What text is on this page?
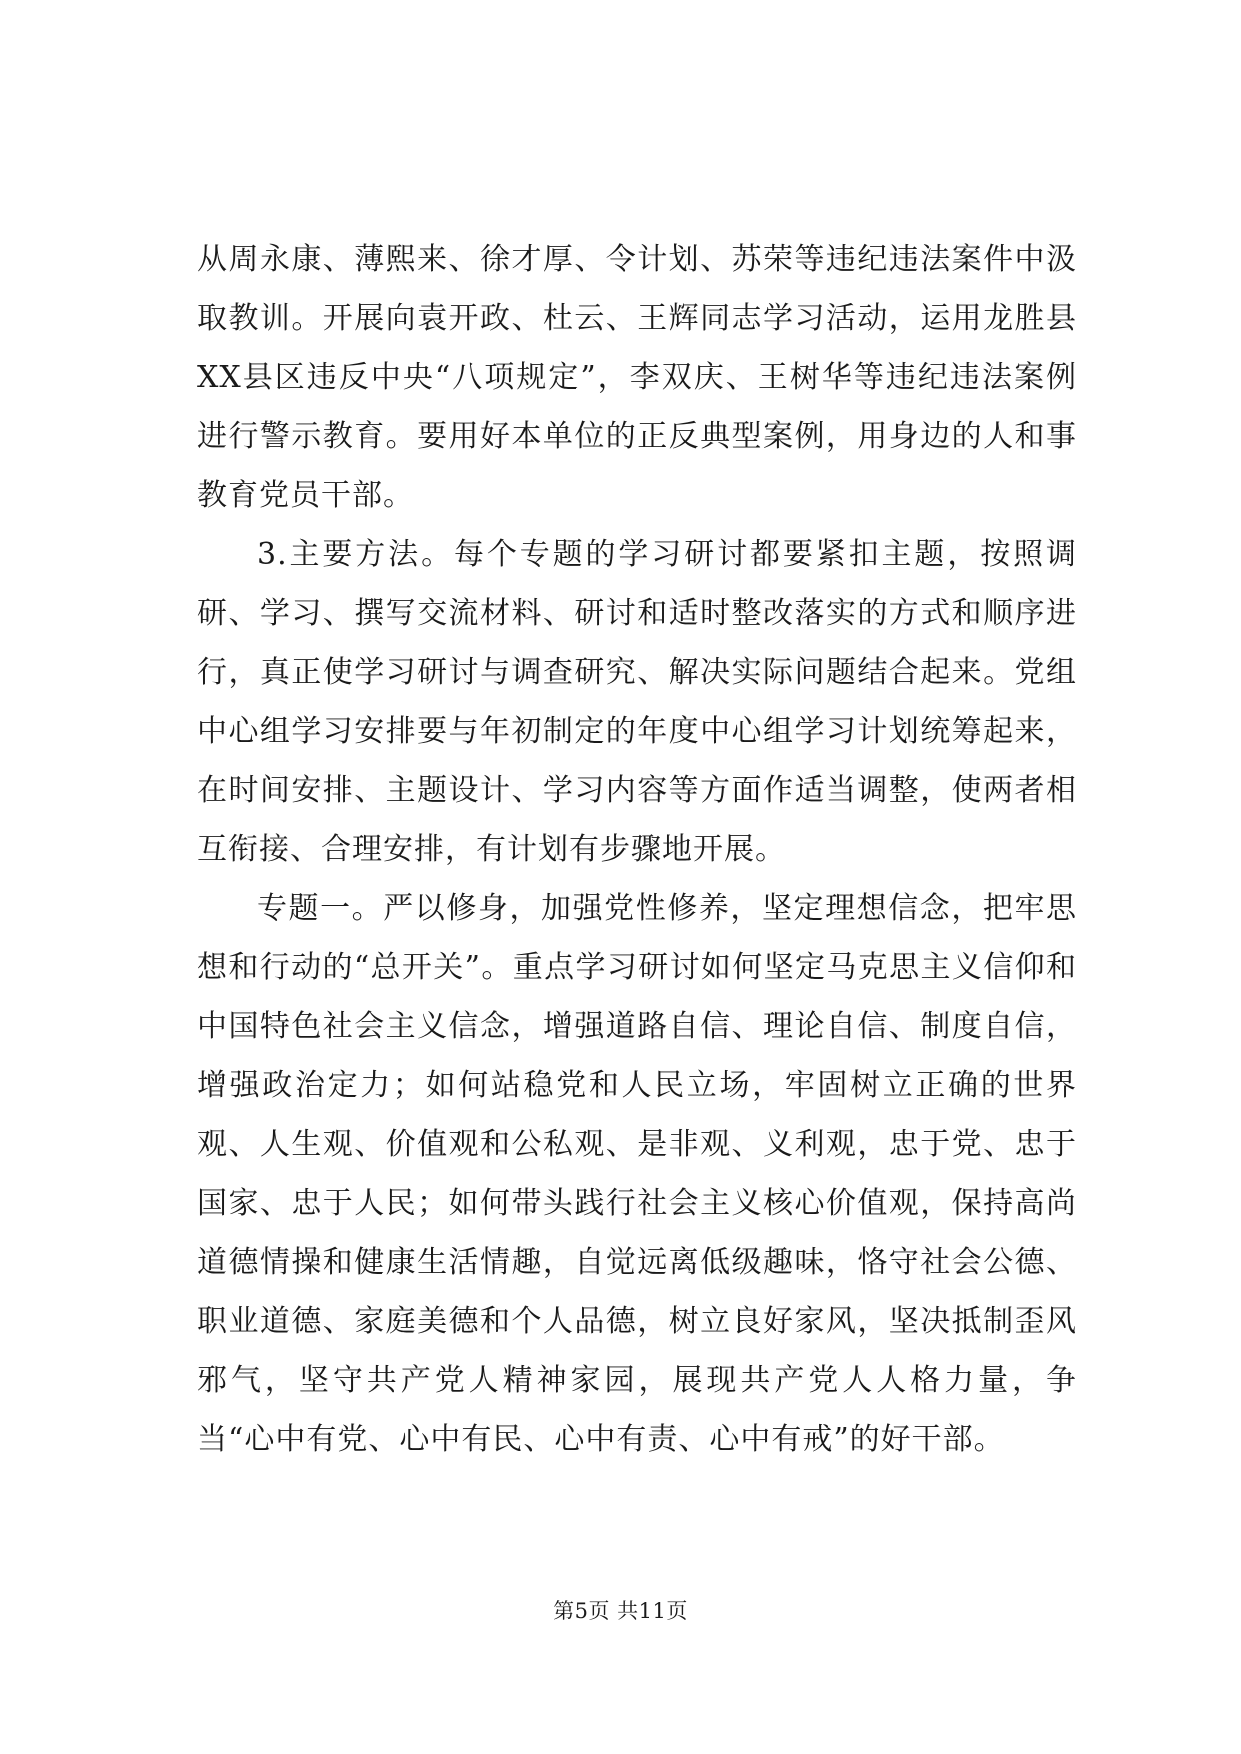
从周永康、薄熙来、徐才厚、令计划、苏荣等违纪违法案件中汲取教训。开展向袁开政、杜云、王辉同志学习活动，运用龙胜县XX县区违反中央“八项规定”，李双庆、王树华等违纪违法案例进行警示教育。要用好本单位的正反典型案例，用身边的人和事教育党员干部。

3.主要方法。每个专题的学习研讨都要紧扣主题，按照调研、学习、撰写交流材料、研讨和适时整改落实的方式和顺序进行，真正使学习研讨与调查研究、解决实际问题结合起来。党组中心组学习安排要与年初制定的年度中心组学习计划统筹起来，在时间安排、主题设计、学习内容等方面作适当调整，使两者相互衔接、合理安排，有计划有步骤地开展。

专题一。严以修身，加强党性修养，坚定理想信念，把牢思想和行动的“总开关”。重点学习研讨如何坚定马克思主义信仰和中国特色社会主义信念，增强道路自信、理论自信、制度自信，增强政治定力；如何站稳党和人民立场，牢固树立正确的世界观、人生观、价值观和公私观、是非观、义利观，忠于党、忠于国家、忠于人民；如何带头践行社会主义核心价值观，保持高尚道德情操和健康生活情趣，自觉远离低级趣味，恪守社会公德、职业道德、家庭美德和个人品德，树立良好家风，坚决抵制歪风邪气，坚守共产党人精神家园，展现共产党人人格力量，争当“心中有党、心中有民、心中有责、心中有戒”的好干部。

第5页 共11页
